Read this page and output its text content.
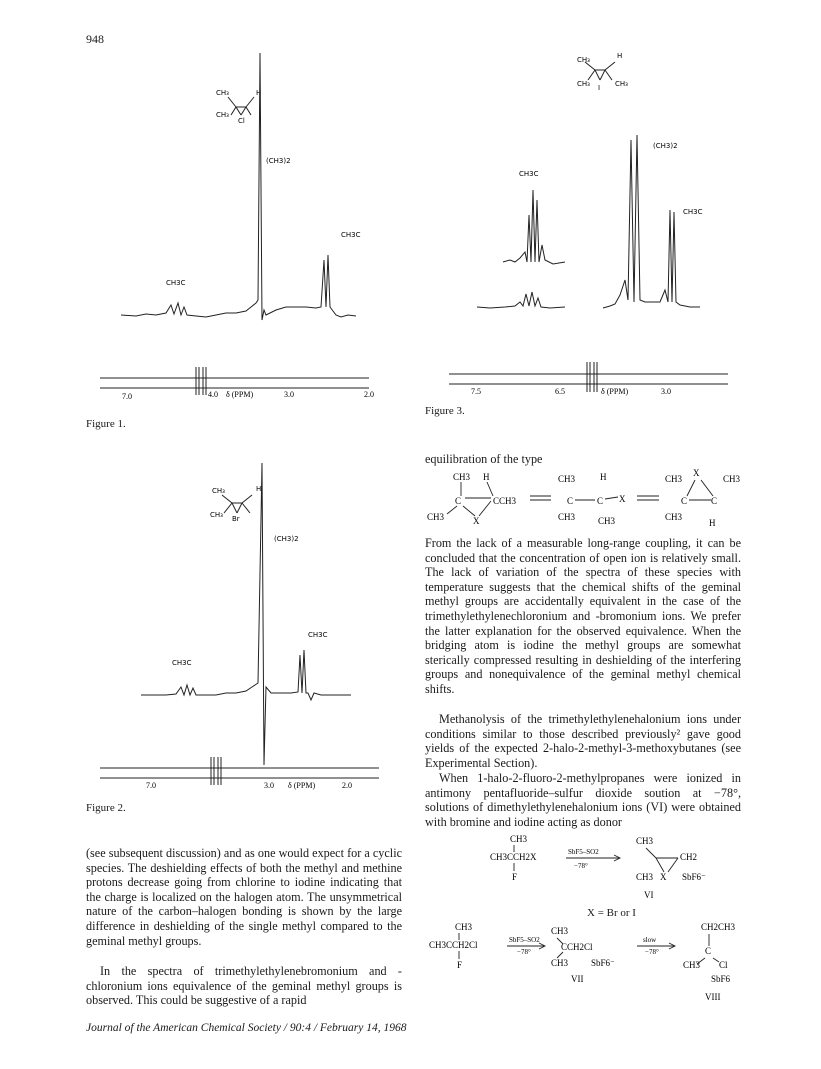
948
CH₃
CH₃
Cl
H
(CH3)2
CH3C
CH3C
7.0	4.0 δ (PPM)	3.0	2.0
Figure 1.
CH₃
CH₃ Br
H
(CH3)2
CH3C
CH3C
7.0	3.0 δ (PPM)	2.0
Figure 2.
CH₃
CH₃ I
H
CH₃
(CH3)2
CH3C
CH3C
7.5	6.5	δ (PPM)	3.0
Figure 3.

equilibration of the type

CH3 H
C	CCH3
CH3	X
CH3	H
C	C X
CH3	CH3
CH3
X
CH3
C	C
CH3
H

From the lack of a measurable long-range coupling, it can be concluded that the concentration of open ion is relatively small. The lack of variation of the spectra of these species with temperature suggests that the chemical shifts of the geminal methyl groups are accidentally equivalent in the case of the trimethylethylenechloronium and -bromonium ions. We prefer the latter explanation for the observed equivalence. When the bridging atom is iodine the methyl groups are somewhat sterically compressed resulting in deshielding of the interfering groups and nonequivalence of the geminal methyl chemical shifts.

Methanolysis of the trimethylethylenehalonium ions under conditions similar to those described previously² gave good yields of the expected 2-halo-2-methyl-3-methoxybutanes (see Experimental Section).

When 1-halo-2-fluoro-2-methylpropanes were ionized in antimony pentafluoride–sulfur dioxide soution at −78°, solutions of dimethylethylenehalonium ions (VI) were obtained with bromine and iodine acting as donor

CH3
CH3CCH2X
F
SbF5–SO2
−78°
CH3
CH2
CH3 X SbF6⁻
VI
X = Br or I
CH3
CH3CCH2Cl
F
SbF5–SO2
−78°
CH3
CCH2Cl
CH3	SbF6⁻
VII
slow
−78°
CH2CH3
C
CH3 Cl
SbF6
VIII

(see subsequent discussion) and as one would expect for a cyclic species. The deshielding effects of both the methyl and methine protons decrease going from chlorine to iodine indicating that the charge is localized on the halogen atom. The unsymmetrical nature of the carbon–halogen bonding is shown by the large difference in deshielding of the single methyl compared to the geminal methyl groups.

In the spectra of trimethylethylenebromonium and -chloronium ions equivalence of the geminal methyl groups is observed. This could be suggestive of a rapid

Journal of the American Chemical Society / 90:4 / February 14, 1968
